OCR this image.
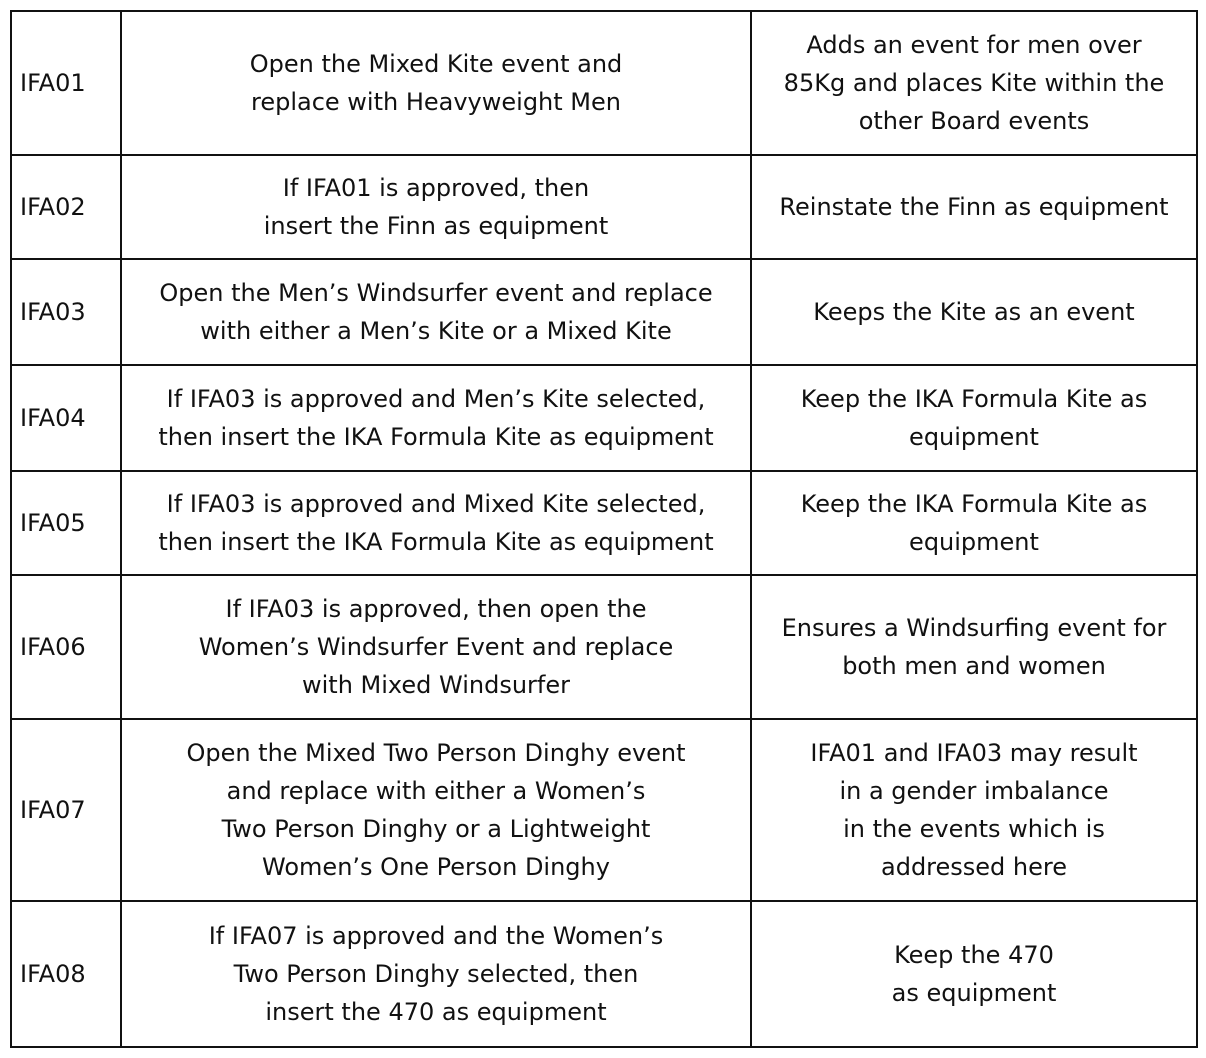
IFA01	Open the Mixed Kite event and
replace with Heavyweight Men	Adds an event for men over
85Kg and places Kite within the
other Board events
IFA02	If IFA01 is approved, then
insert the Finn as equipment	Reinstate the Finn as equipment
IFA03	Open the Men’s Windsurfer event and replace
with either a Men’s Kite or a Mixed Kite	Keeps the Kite as an event
IFA04	If IFA03 is approved and Men’s Kite selected,
then insert the IKA Formula Kite as equipment	Keep the IKA Formula Kite as
equipment
IFA05	If IFA03 is approved and Mixed Kite selected,
then insert the IKA Formula Kite as equipment	Keep the IKA Formula Kite as
equipment
IFA06	If IFA03 is approved, then open the
Women’s Windsurfer Event and replace
with Mixed Windsurfer	Ensures a Windsurfing event for
both men and women
IFA07	Open the Mixed Two Person Dinghy event
and replace with either a Women’s
Two Person Dinghy or a Lightweight
Women’s One Person Dinghy	IFA01 and IFA03 may result
in a gender imbalance
in the events which is
addressed here
IFA08	If IFA07 is approved and the Women’s
Two Person Dinghy selected, then
insert the 470 as equipment	Keep the 470
as equipment
